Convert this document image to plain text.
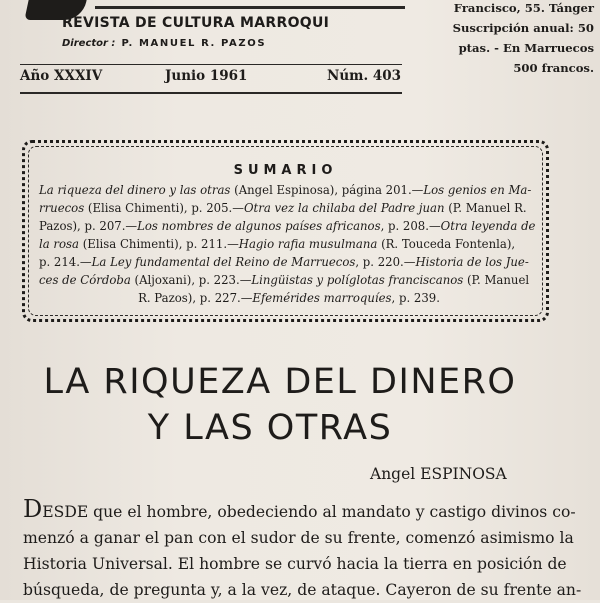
REVISTA DE CULTURA MARROQUI
Director : P. MANUEL R. PAZOS
Año XXXIV	Junio 1961	Núm. 403
Francisco, 55. Tánger
Suscripción anual: 50
ptas. - En Marruecos
500 francos.
SUMARIO
La riqueza del dinero y las otras (Angel Espinosa), página 201.—Los genios en Ma-
rruecos (Elisa Chimenti), p. 205.—Otra vez la chilaba del Padre juan (P. Manuel R.
Pazos), p. 207.—Los nombres de algunos países africanos, p. 208.—Otra leyenda de
la rosa (Elisa Chimenti), p. 211.—Hagio rafia musulmana (R. Touceda Fontenla),
p. 214.—La Ley fundamental del Reino de Marruecos, p. 220.—Historia de los Jue-
ces de Córdoba (Aljoxani), p. 223.—Lingüistas y políglotas franciscanos (P. Manuel
R. Pazos), p. 227.—Efemérides marroquíes, p. 239.
LA RIQUEZA DEL DINERO
Y LAS OTRAS
Angel ESPINOSA
DESDE que el hombre, obedeciendo al mandato y castigo divinos co-
menzó a ganar el pan con el sudor de su frente, comenzó asimismo la
Historia Universal. El hombre se curvó hacia la tierra en posición de
búsqueda, de pregunta y, a la vez, de ataque. Cayeron de su frente an-
